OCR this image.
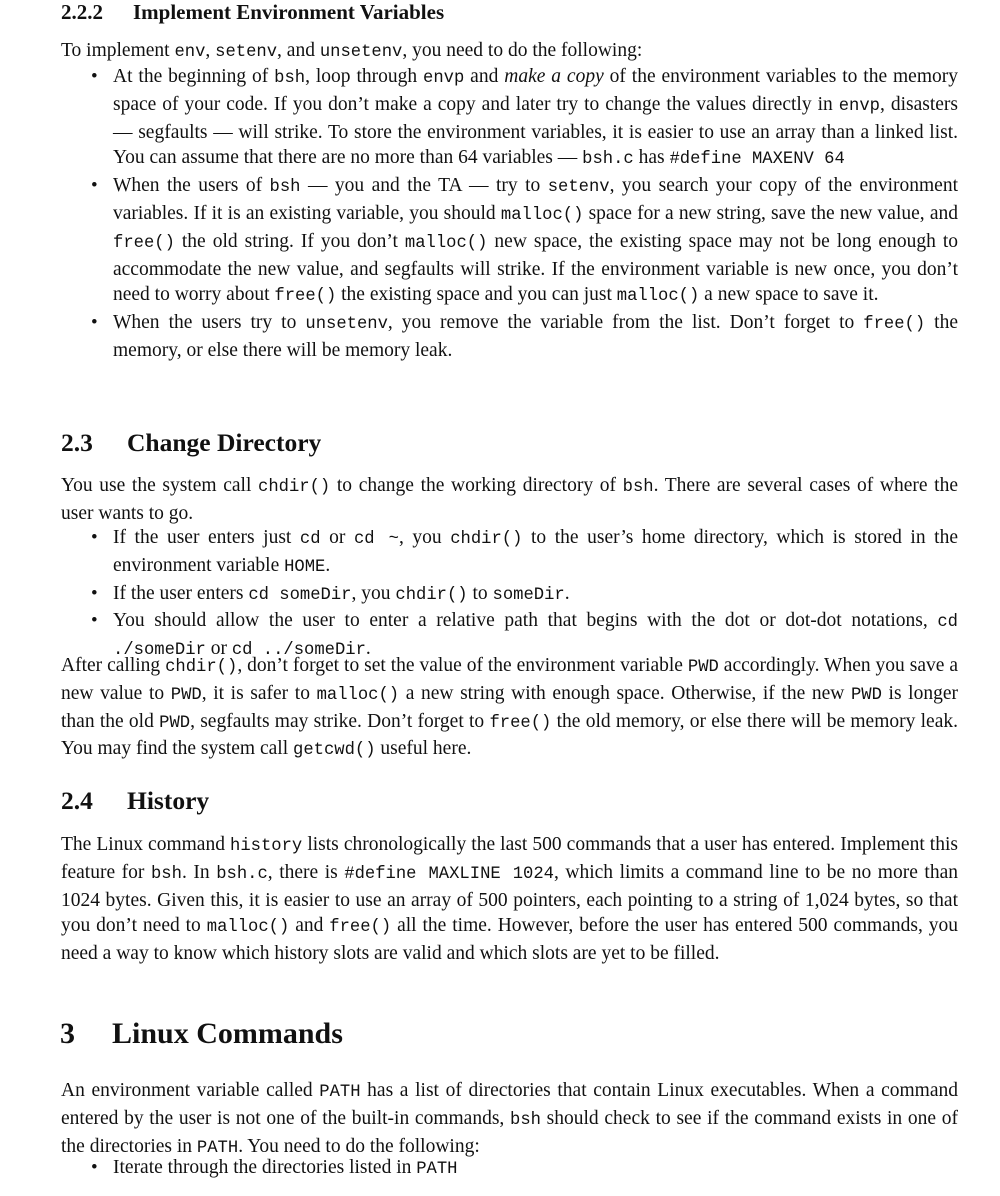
2.2.2 Implement Environment Variables
To implement env, setenv, and unsetenv, you need to do the following:
• At the beginning of bsh, loop through envp and make a copy of the environment variables to the memory space of your code. If you don’t make a copy and later try to change the values directly in envp, disasters — segfaults — will strike. To store the environment variables, it is easier to use an array than a linked list. You can assume that there are no more than 64 variables — bsh.c has #define MAXENV 64
• When the users of bsh — you and the TA — try to setenv, you search your copy of the environment variables. If it is an existing variable, you should malloc() space for a new string, save the new value, and free() the old string. If you don’t malloc() new space, the existing space may not be long enough to accommodate the new value, and segfaults will strike. If the environment variable is new once, you don’t need to worry about free() the existing space and you can just malloc() a new space to save it.
• When the users try to unsetenv, you remove the variable from the list. Don’t forget to free() the memory, or else there will be memory leak.
2.3 Change Directory
You use the system call chdir() to change the working directory of bsh. There are several cases of where the user wants to go.
• If the user enters just cd or cd ~, you chdir() to the user’s home directory, which is stored in the environment variable HOME.
• If the user enters cd someDir, you chdir() to someDir.
• You should allow the user to enter a relative path that begins with the dot or dot-dot notations, cd ./someDir or cd ../someDir.
After calling chdir(), don’t forget to set the value of the environment variable PWD accordingly. When you save a new value to PWD, it is safer to malloc() a new string with enough space. Otherwise, if the new PWD is longer than the old PWD, segfaults may strike. Don’t forget to free() the old memory, or else there will be memory leak. You may find the system call getcwd() useful here.
2.4 History
The Linux command history lists chronologically the last 500 commands that a user has entered. Implement this feature for bsh. In bsh.c, there is #define MAXLINE 1024, which limits a command line to be no more than 1024 bytes. Given this, it is easier to use an array of 500 pointers, each pointing to a string of 1,024 bytes, so that you don’t need to malloc() and free() all the time. However, before the user has entered 500 commands, you need a way to know which history slots are valid and which slots are yet to be filled.
3 Linux Commands
An environment variable called PATH has a list of directories that contain Linux executables. When a command entered by the user is not one of the built-in commands, bsh should check to see if the command exists in one of the directories in PATH. You need to do the following:
• Iterate through the directories listed in PATH
